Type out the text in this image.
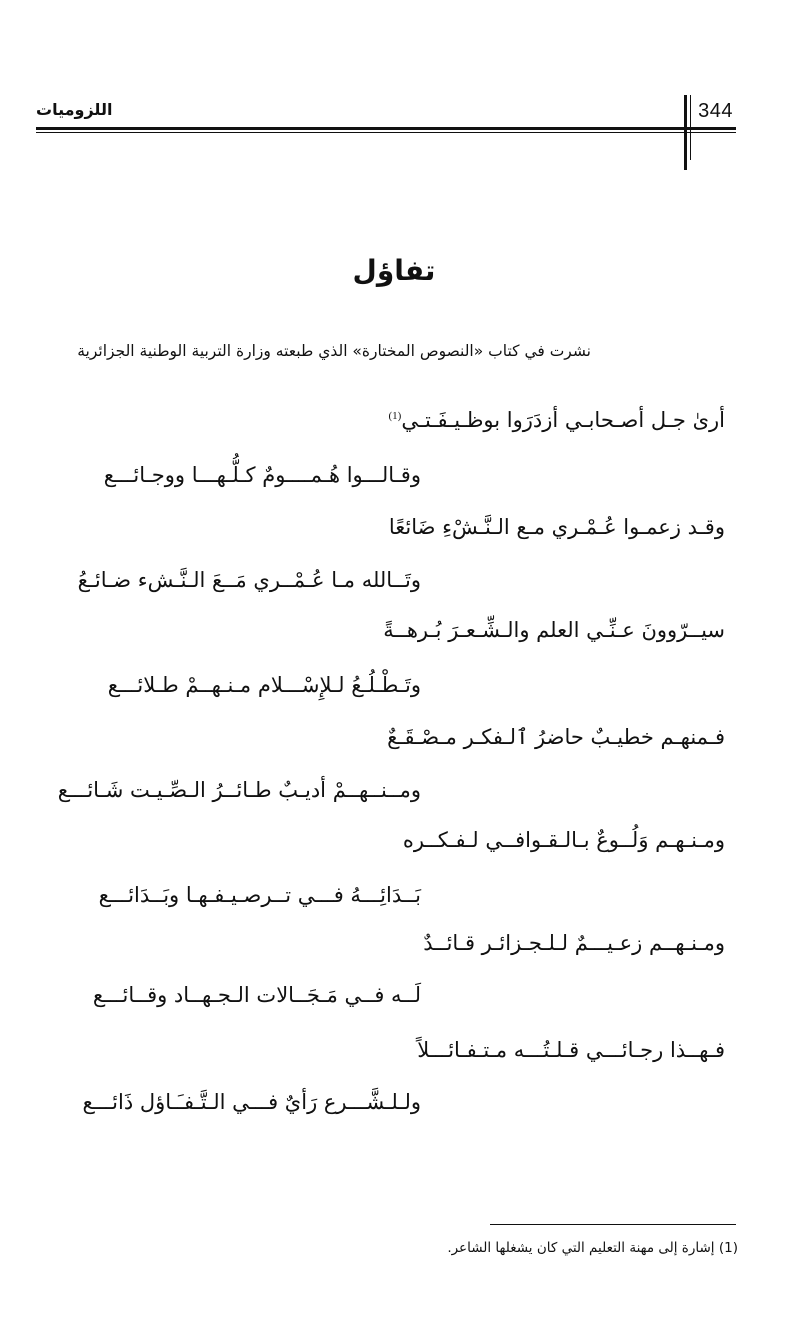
344
اللزوميات
تفاؤل
نشرت في كتاب «النصوص المختارة» الذي طبعته وزارة التربية الوطنية الجزائرية
أرىٰ جـل أصـحابـي أزدَرَوا بوظـيـفَـتـي$^{(1)}$
وقـالـــوا هُـمــــومٌ كـلُّـهـــا ووجـائـــع
وقـد زعمـوا عُـمْـري مـع الـنَّـشْءِ ضَائعًا
وتَــالله مـا عُـمْــري مَــعَ الـنَّـشء ضـائـعُ
سيــرّوونَ عـنِّـي العلم والـشِّـعـرَ بُـرهــةً
وتَـطْـلُـعُ لـلإِسْـــلام مـنـهــمْ طـلائـــع
فـمنهـم خطيـبٌ حاضرُ ٱلـفكـر مـصْـقَـعٌ
ومــنــهــمْ أديـبٌ طـائــرُ الـصِّـيـت شَـائـــع
ومـنـهـم وَلُــوعٌ بـالـقـوافــي لـفـكــره
بَــدَائِـــهُ فـــي تــرصـيـفـهـا وبَــدَائـــع
ومـنـهــم زعـيـــمٌ لـلـجـزائـر قـائــدٌ
لَــه فــي مَـجَــالات الـجـهــاد وقــائـــع
فـهــذا رجـائـــي قـلـتُـــه مـتـفـائـــلاً
ولـلـشَّـــرع رَأيٌ فـــي الـتَّـفـَـاؤل ذَائـــع
(1) إشارة إلى مهنة التعليم التي كان يشغلها الشاعر.
